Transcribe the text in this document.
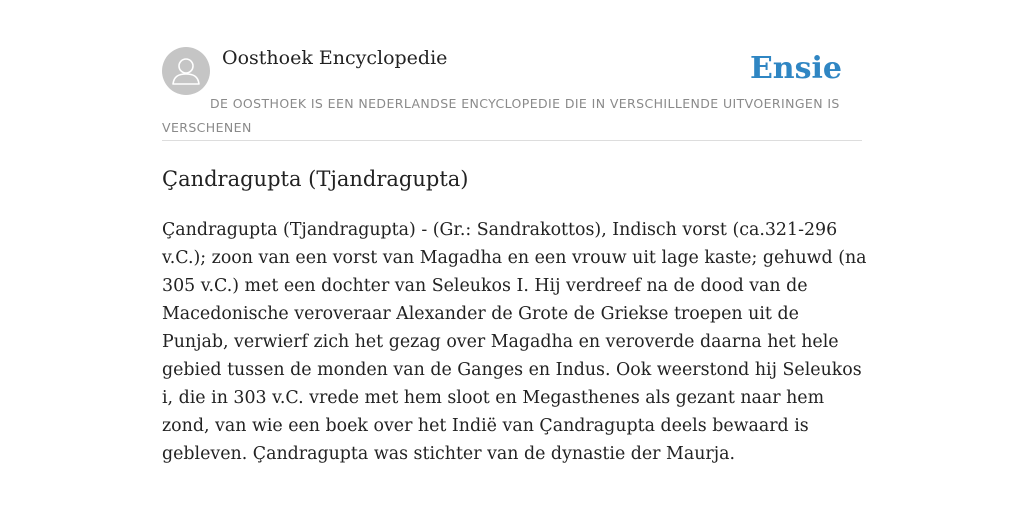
Oosthoek Encyclopedie	Ensie
DE OOSTHOEK IS EEN NEDERLANDSE ENCYCLOPEDIE DIE IN VERSCHILLENDE UITVOERINGEN IS VERSCHENEN
Çandragupta (Tjandragupta)

Çandragupta (Tjandragupta) - (Gr.: Sandrakottos), Indisch vorst (ca.321-296 v.C.); zoon van een vorst van Magadha en een vrouw uit lage kaste; gehuwd (na 305 v.C.) met een dochter van Seleukos I. Hij verdreef na de dood van de Macedonische veroveraar Alexander de Grote de Griekse troepen uit de Punjab, verwierf zich het gezag over Magadha en veroverde daarna het hele gebied tussen de monden van de Ganges en Indus. Ook weerstond hij Seleukos i, die in 303 v.C. vrede met hem sloot en Megasthenes als gezant naar hem zond, van wie een boek over het Indië van Çandragupta deels bewaard is gebleven. Çandragupta was stichter van de dynastie der Maurja.
